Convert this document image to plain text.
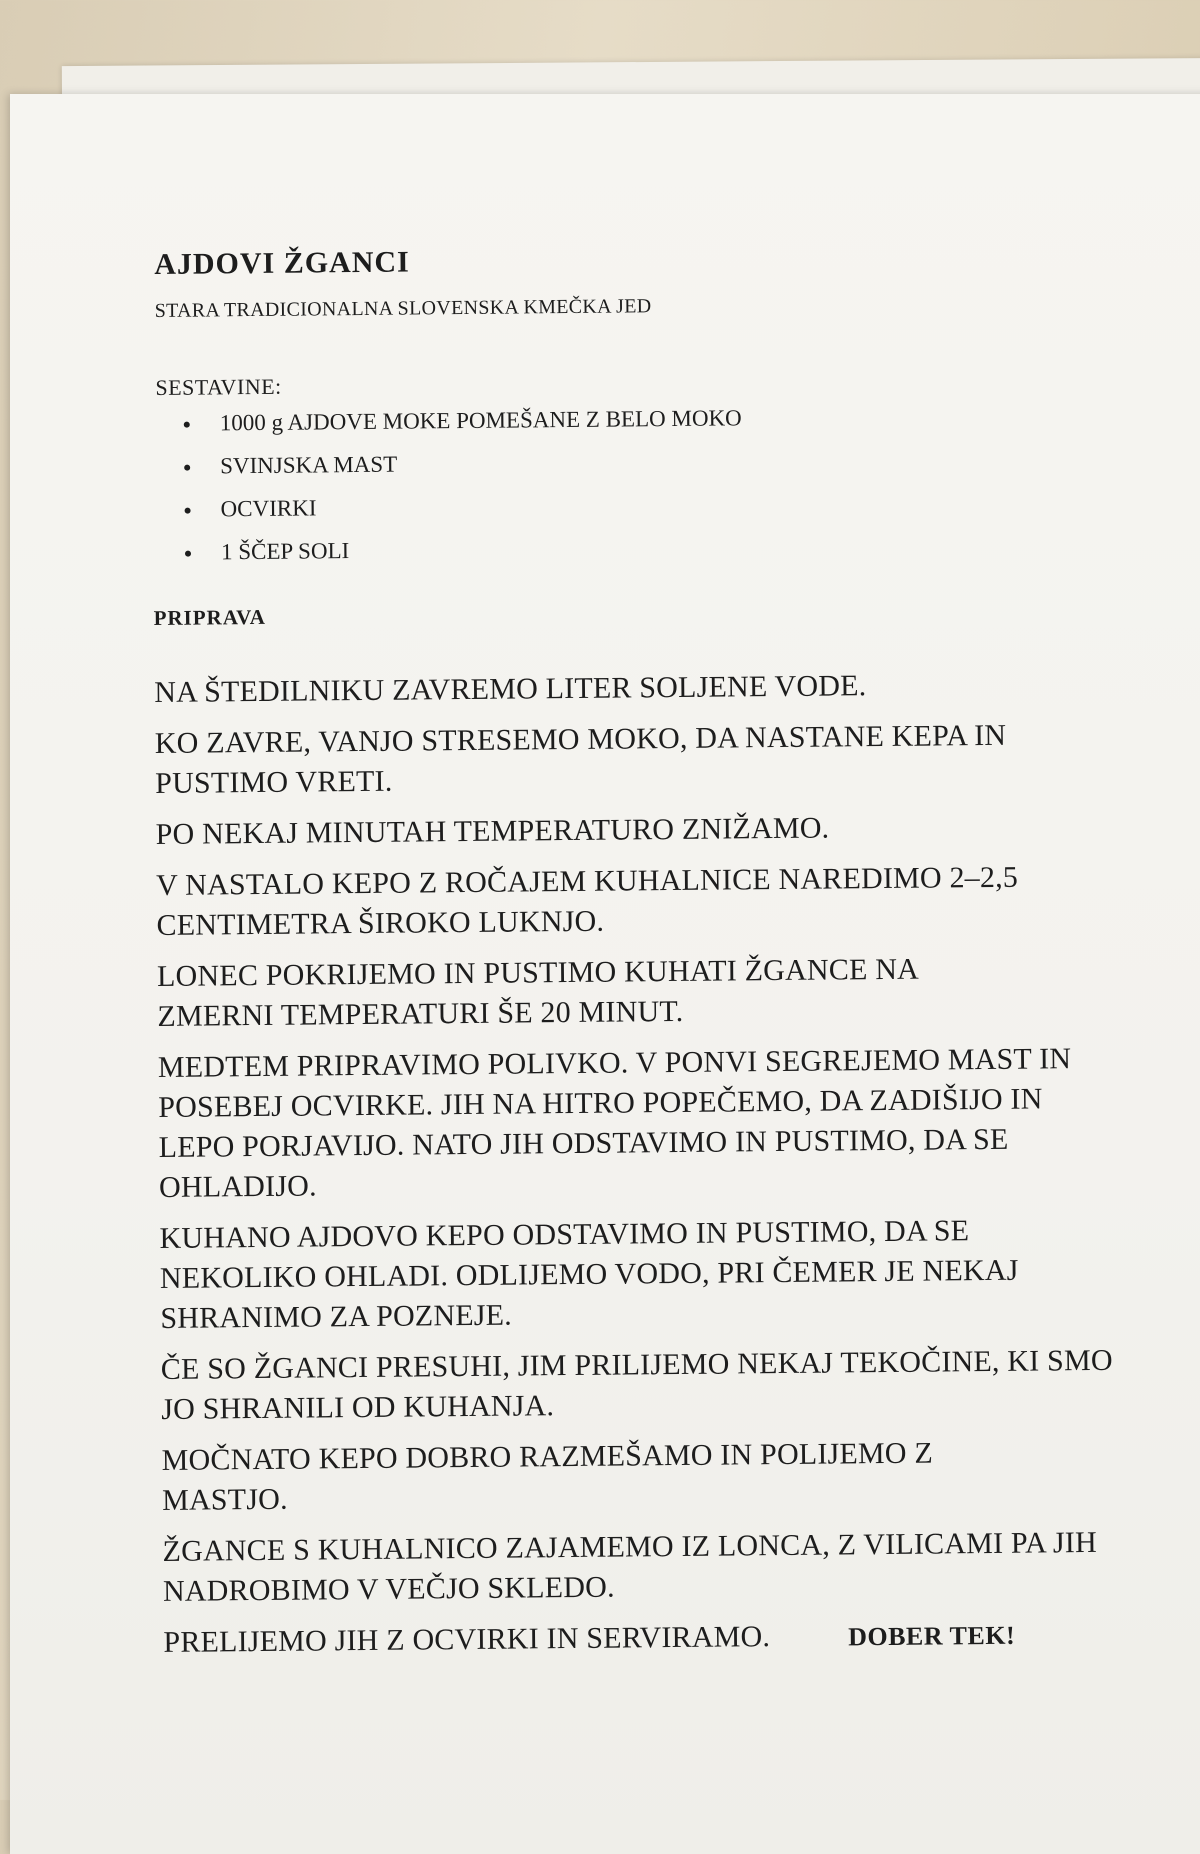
AJDOVI ŽGANCI
STARA TRADICIONALNA SLOVENSKA KMEČKA JED
SESTAVINE:
1000 g AJDOVE MOKE POMEŠANE Z BELO MOKO
SVINJSKA MAST
OCVIRKI
1 ŠČEP SOLI
PRIPRAVA
NA ŠTEDILNIKU ZAVREMO LITER SOLJENE VODE.
KO ZAVRE, VANJO STRESEMO MOKO, DA NASTANE KEPA IN PUSTIMO VRETI.
PO NEKAJ MINUTAH TEMPERATURO ZNIŽAMO.
V NASTALO KEPO Z ROČAJEM KUHALNICE NAREDIMO 2–2,5 CENTIMETRA ŠIROKO LUKNJO.
LONEC POKRIJEMO IN PUSTIMO KUHATI ŽGANCE NA ZMERNI TEMPERATURI ŠE 20 MINUT.
MEDTEM PRIPRAVIMO POLIVKO. V PONVI SEGREJEMO MAST IN POSEBEJ OCVIRKE. JIH NA HITRO POPEČEMO, DA ZADIŠIJO IN LEPO PORJAVIJO. NATO JIH ODSTAVIMO IN PUSTIMO, DA SE OHLADIJO.
KUHANO AJDOVO KEPO ODSTAVIMO IN PUSTIMO, DA SE NEKOLIKO OHLADI. ODLIJEMO VODO, PRI ČEMER JE NEKAJ SHRANIMO ZA POZNEJE.
ČE SO ŽGANCI PRESUHI, JIM PRILIJEMO NEKAJ TEKOČINE, KI SMO JO SHRANILI OD KUHANJA.
MOČNATO KEPO DOBRO RAZMEŠAMO IN POLIJEMO Z MASTJO.
ŽGANCE S KUHALNICO ZAJAMEMO IZ LONCA, Z VILICAMI PA JIH NADROBIMO V VEČJO SKLEDO.
PRELIJEMO JIH Z OCVIRKI IN SERVIRAMO.	DOBER TEK!
